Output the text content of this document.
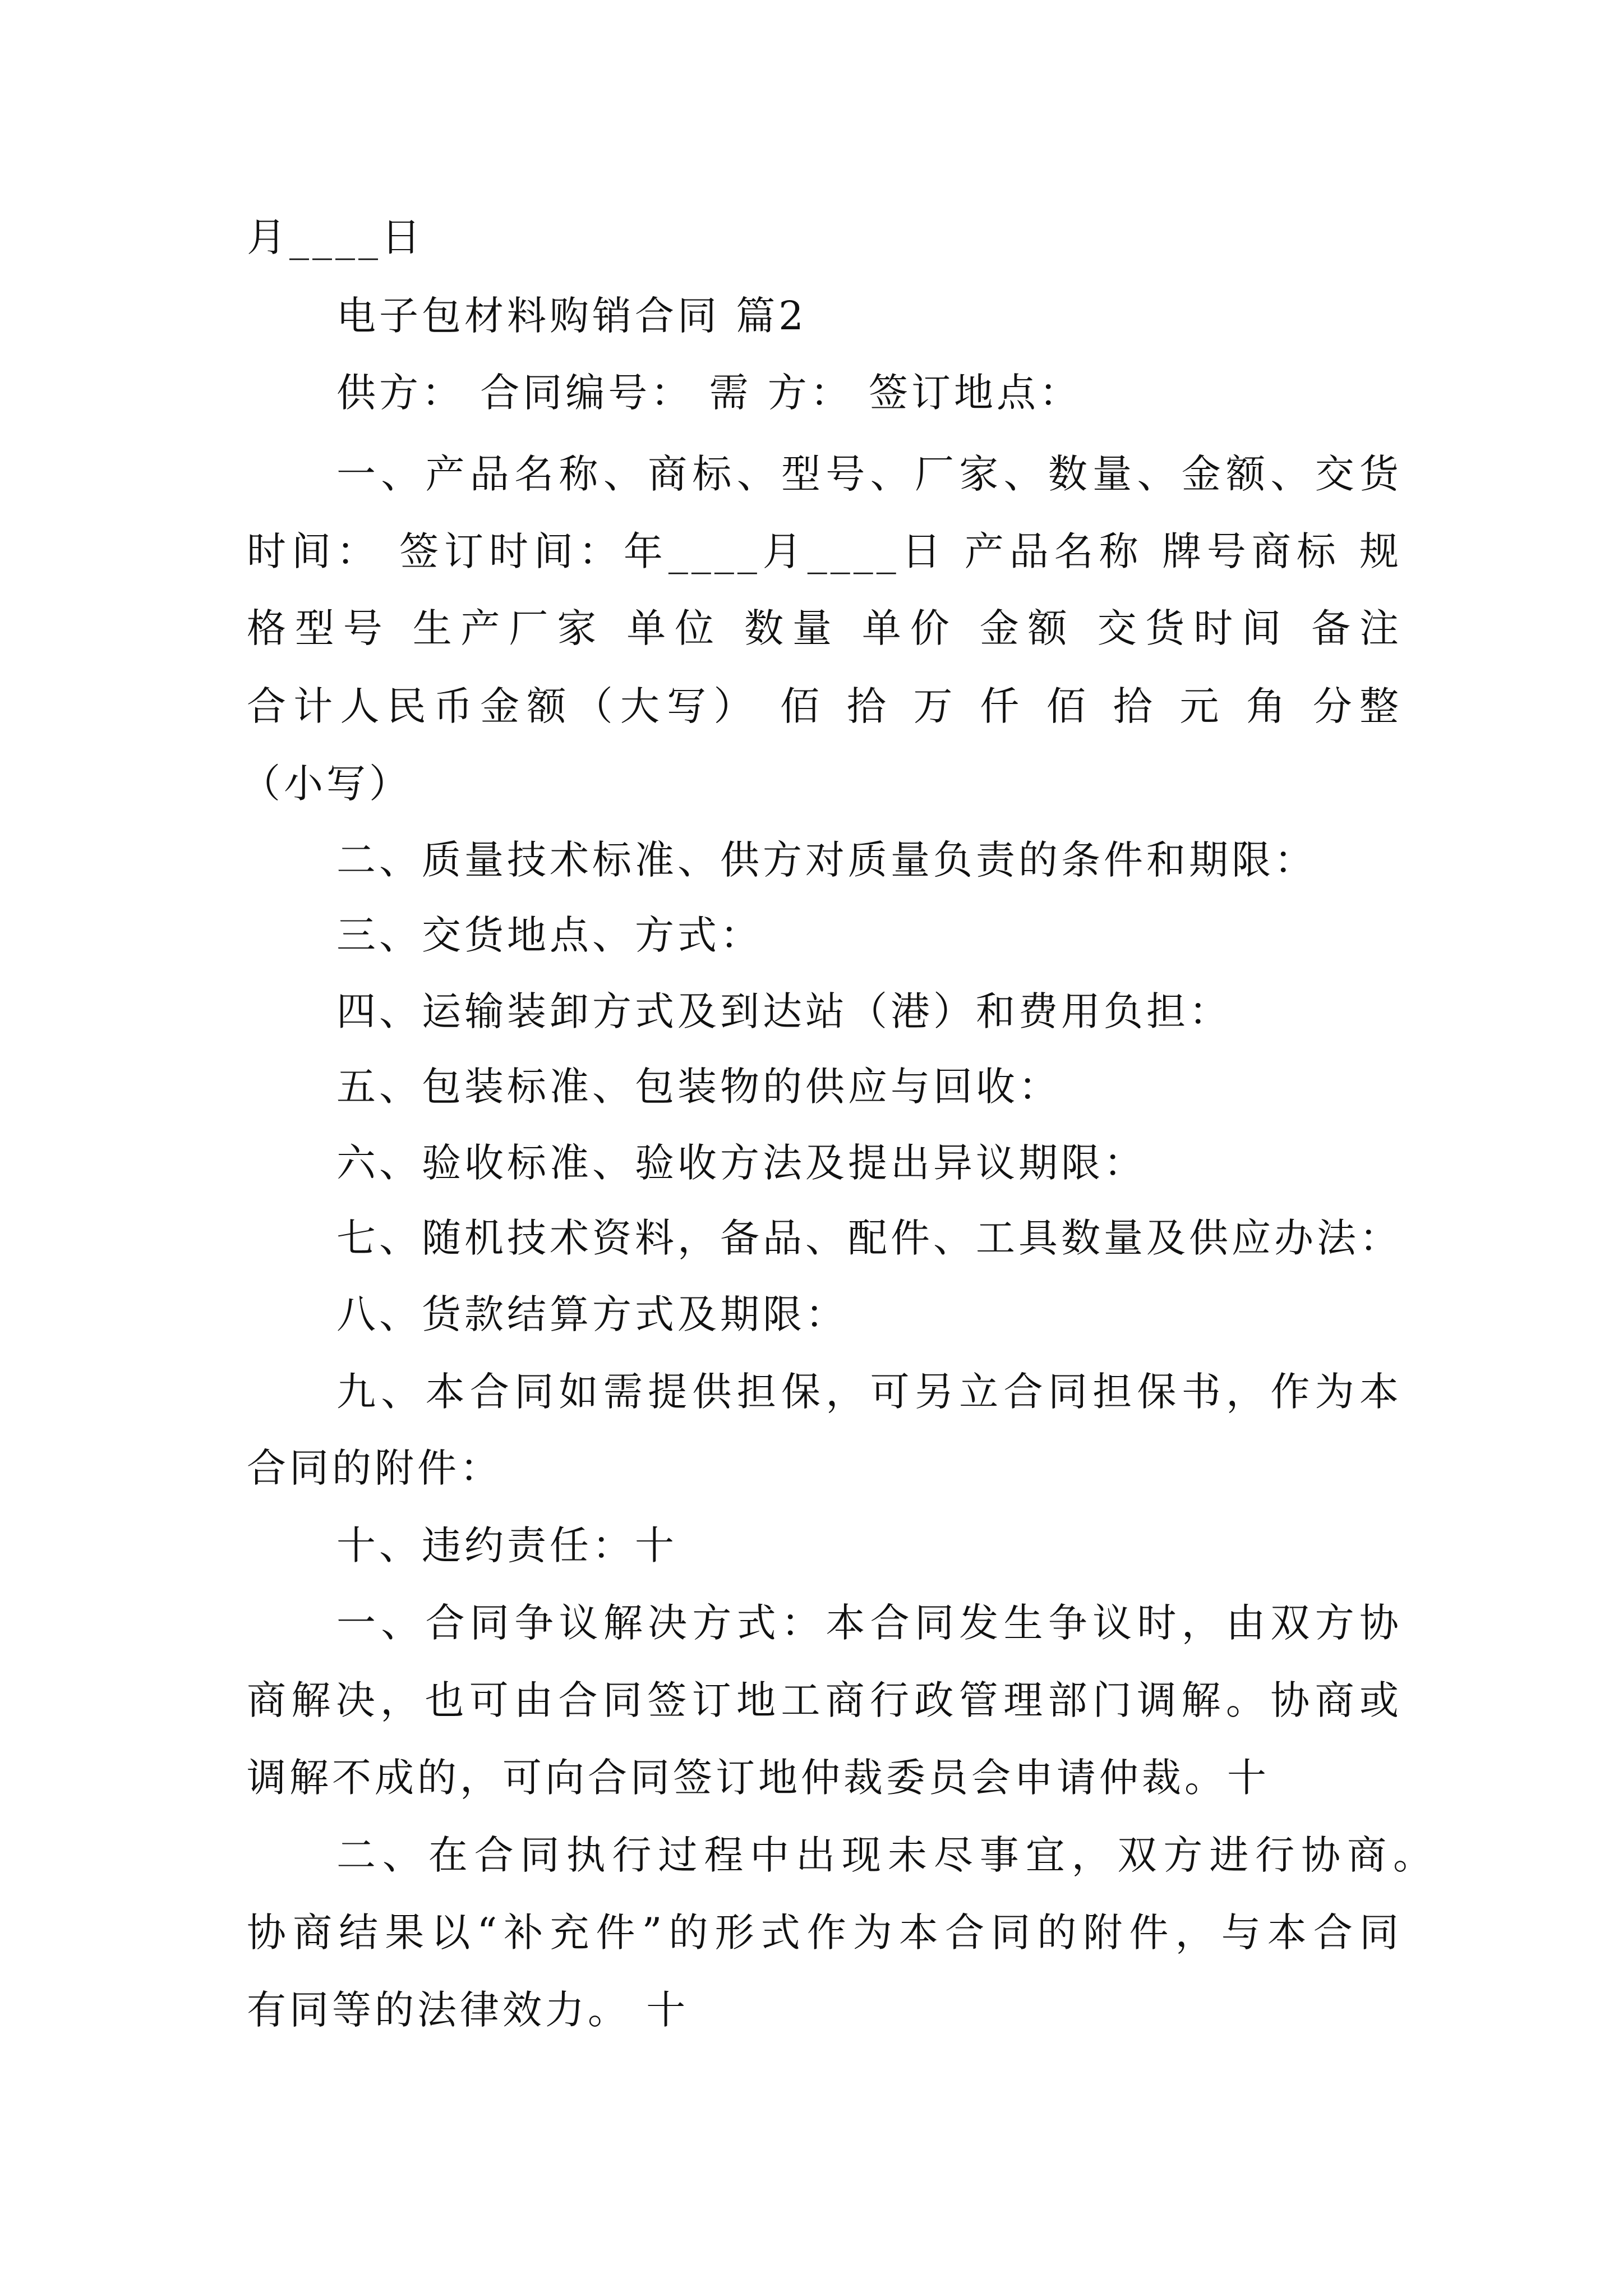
月____日
电子包材料购销合同 篇2
供方： 合同编号： 需 方： 签订地点：
一、产品名称、商标、型号、厂家、数量、金额、交货
时间： 签订时间：年____月____日 产品名称 牌号商标 规
格型号 生产厂家 单位 数量 单价 金额 交货时间 备注
合计人民币金额（大写） 佰 拾 万 仟 佰 拾 元 角 分整
（小写）
二、质量技术标准、供方对质量负责的条件和期限：
三、交货地点、方式：
四、运输装卸方式及到达站（港）和费用负担：
五、包装标准、包装物的供应与回收：
六、验收标准、验收方法及提出异议期限：
七、随机技术资料，备品、配件、工具数量及供应办法：
八、货款结算方式及期限：
九、本合同如需提供担保，可另立合同担保书，作为本
合同的附件：
十、违约责任：十
一、合同争议解决方式：本合同发生争议时，由双方协
商解决，也可由合同签订地工商行政管理部门调解。协商或
调解不成的，可向合同签订地仲裁委员会申请仲裁。十
二、在合同执行过程中出现未尽事宜，双方进行协商。
协商结果以“补充件”的形式作为本合同的附件，与本合同
有同等的法律效力。 十
